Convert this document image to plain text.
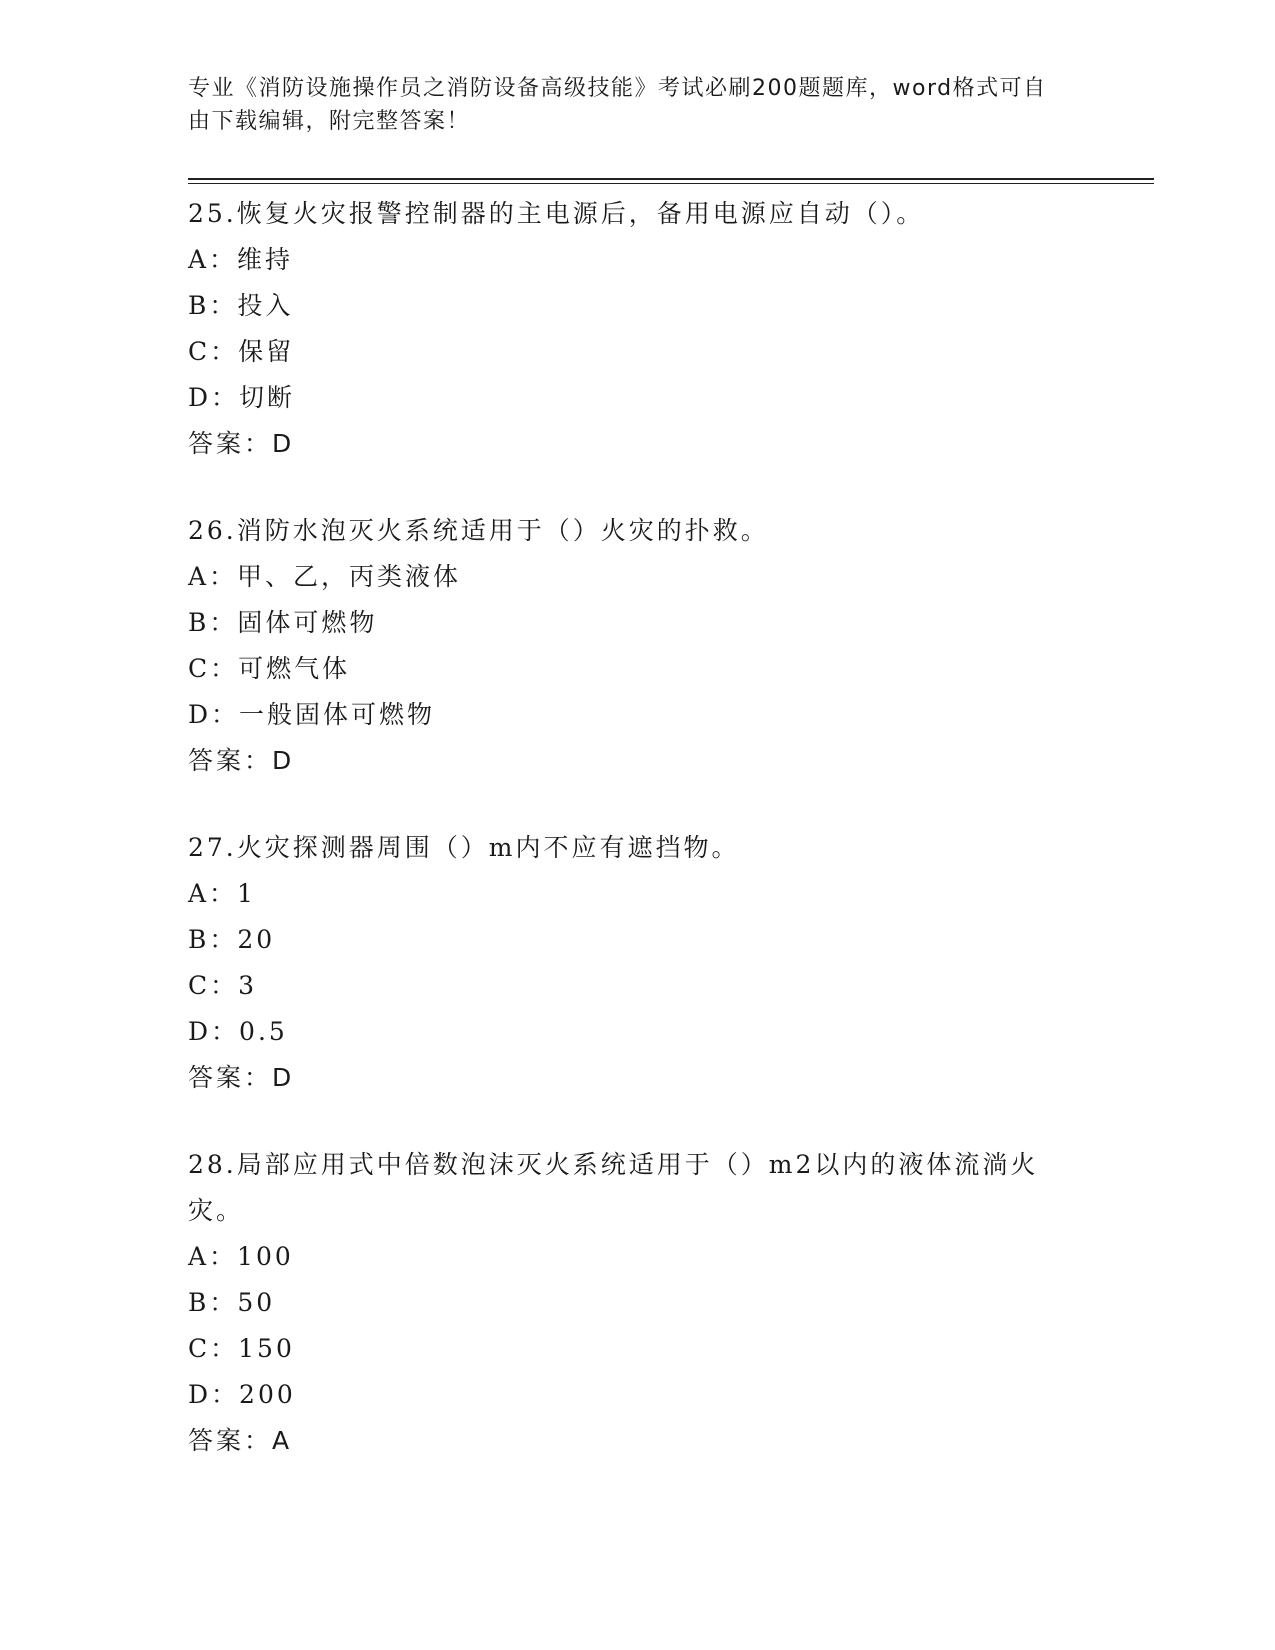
专业《消防设施操作员之消防设备高级技能》考试必刷200题题库，word格式可自由下载编辑，附完整答案！
25.恢复火灾报警控制器的主电源后，备用电源应自动（）。
A：维持
B：投入
C：保留
D：切断
答案：D
26.消防水泡灭火系统适用于（）火灾的扑救。
A：甲、乙，丙类液体
B：固体可燃物
C：可燃气体
D：一般固体可燃物
答案：D
27.火灾探测器周围（）m内不应有遮挡物。
A：1
B：20
C：3
D：0.5
答案：D
28.局部应用式中倍数泡沫灭火系统适用于（）m2以内的液体流淌火灾。
A：100
B：50
C：150
D：200
答案：A
